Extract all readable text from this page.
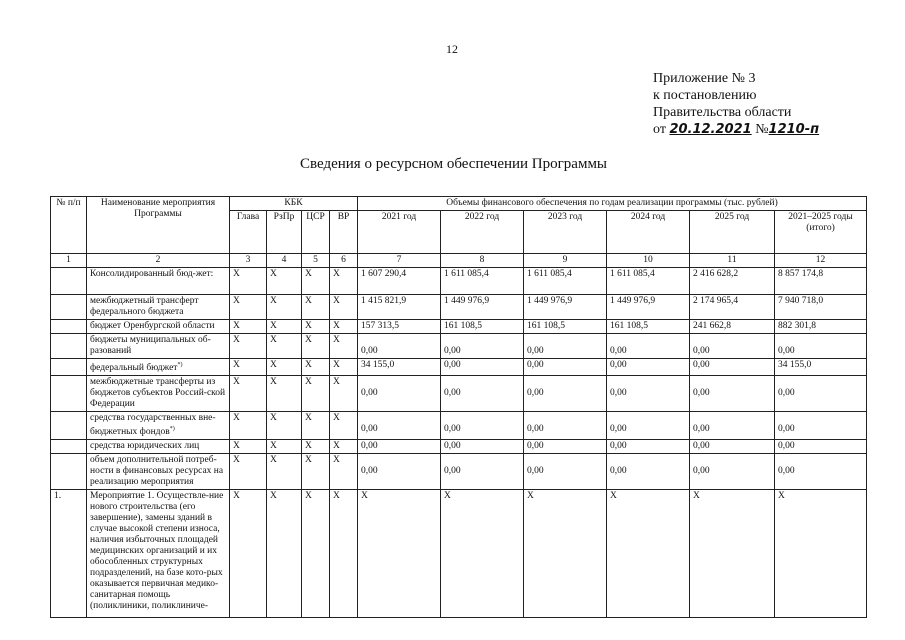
12
Приложение № 3
к постановлению
Правительства области
от 20.12.2021 №1210-п
Сведения о ресурсном обеспечении Программы
№ п/п	Наименование мероприятия Программы	КБК				Объемы финансового обеспечения по годам реализации программы (тыс. рублей)					
		Глава	РзПр	ЦСР	ВР	2021 год	2022 год	2023 год	2024 год	2025 год	2021–2025 годы (итого)
1	2	3	4	5	6	7	8	9	10	11	12
	Консолидированный бюд-жет:	Х	Х	Х	Х	1 607 290,4	1 611 085,4	1 611 085,4	1 611 085,4	2 416 628,2	8 857 174,8
	межбюджетный трансферт федерального бюджета	Х	Х	Х	Х	1 415 821,9	1 449 976,9	1 449 976,9	1 449 976,9	2 174 965,4	7 940 718,0
	бюджет Оренбургской области	Х	Х	Х	Х	157 313,5	161 108,5	161 108,5	161 108,5	241 662,8	882 301,8
	бюджеты муниципальных об-разований	Х	Х	Х	Х	0,00	0,00	0,00	0,00	0,00	0,00

	федеральный бюджет*)	Х	Х	Х	Х	34 155,0	0,00	0,00	0,00	0,00	34 155,0
	межбюджетные трансферты из бюджетов субъектов Россий-ской Федерации	Х	Х	Х	Х	0,00	0,00	0,00	0,00	0,00	0,00

	средства государственных вне-бюджетных фондов*)	Х	Х	Х	Х	0,00	0,00	0,00	0,00	0,00	0,00

	средства юридических лиц	Х	Х	Х	Х	0,00	0,00	0,00	0,00	0,00	0,00
	объем дополнительной потреб-ности в финансовых ресурсах на реализацию мероприятия	Х	Х	Х	Х	0,00	0,00	0,00	0,00	0,00	0,00

1.	Мероприятие 1. Осуществле-ние нового строительства (его завершение), замены зданий в случае высокой степени износа, наличия избыточных площадей медицинских организаций и их обособленных структурных подразделений, на базе кото-рых оказывается первичная медико-санитарная помощь (поликлиники, поликлиниче-	Х	Х	Х	Х	Х	Х	Х	Х	Х	Х
